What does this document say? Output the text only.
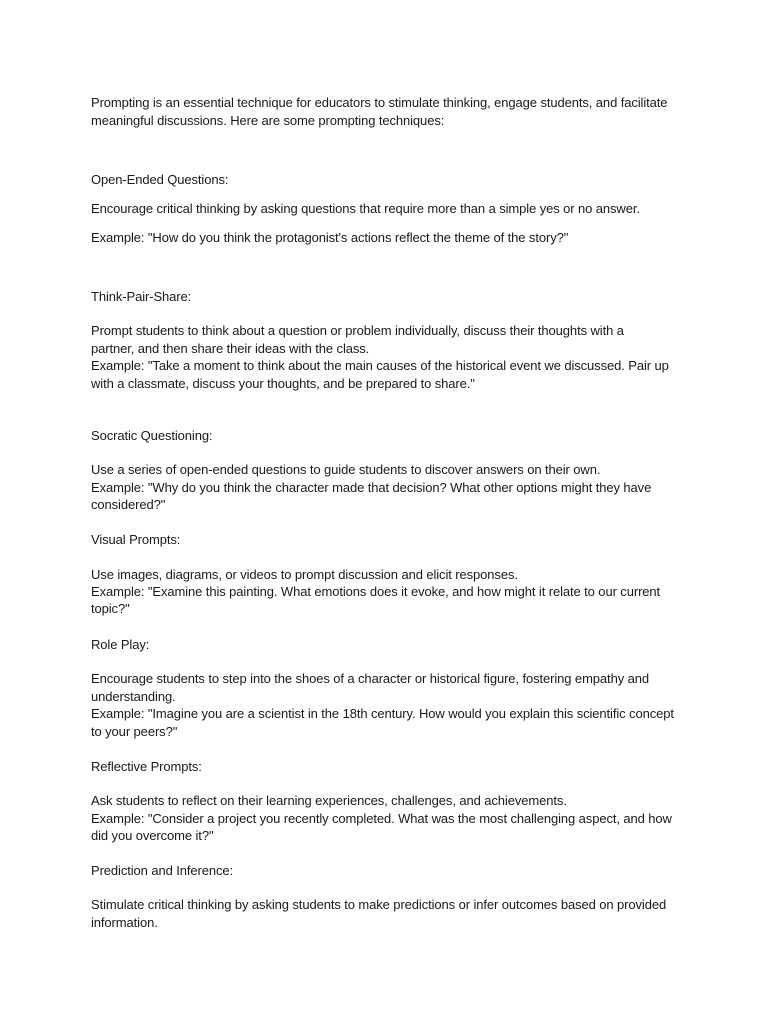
Prompting is an essential technique for educators to stimulate thinking, engage students, and facilitate
meaningful discussions. Here are some prompting techniques:
Open-Ended Questions:
Encourage critical thinking by asking questions that require more than a simple yes or no answer.
Example: "How do you think the protagonist's actions reflect the theme of the story?"
Think-Pair-Share:
Prompt students to think about a question or problem individually, discuss their thoughts with a
partner, and then share their ideas with the class.
Example: "Take a moment to think about the main causes of the historical event we discussed. Pair up
with a classmate, discuss your thoughts, and be prepared to share."
Socratic Questioning:
Use a series of open-ended questions to guide students to discover answers on their own.
Example: "Why do you think the character made that decision? What other options might they have
considered?"
Visual Prompts:
Use images, diagrams, or videos to prompt discussion and elicit responses.
Example: "Examine this painting. What emotions does it evoke, and how might it relate to our current
topic?"
Role Play:
Encourage students to step into the shoes of a character or historical figure, fostering empathy and
understanding.
Example: "Imagine you are a scientist in the 18th century. How would you explain this scientific concept
to your peers?"
Reflective Prompts:
Ask students to reflect on their learning experiences, challenges, and achievements.
Example: "Consider a project you recently completed. What was the most challenging aspect, and how
did you overcome it?"
Prediction and Inference:
Stimulate critical thinking by asking students to make predictions or infer outcomes based on provided
information.
